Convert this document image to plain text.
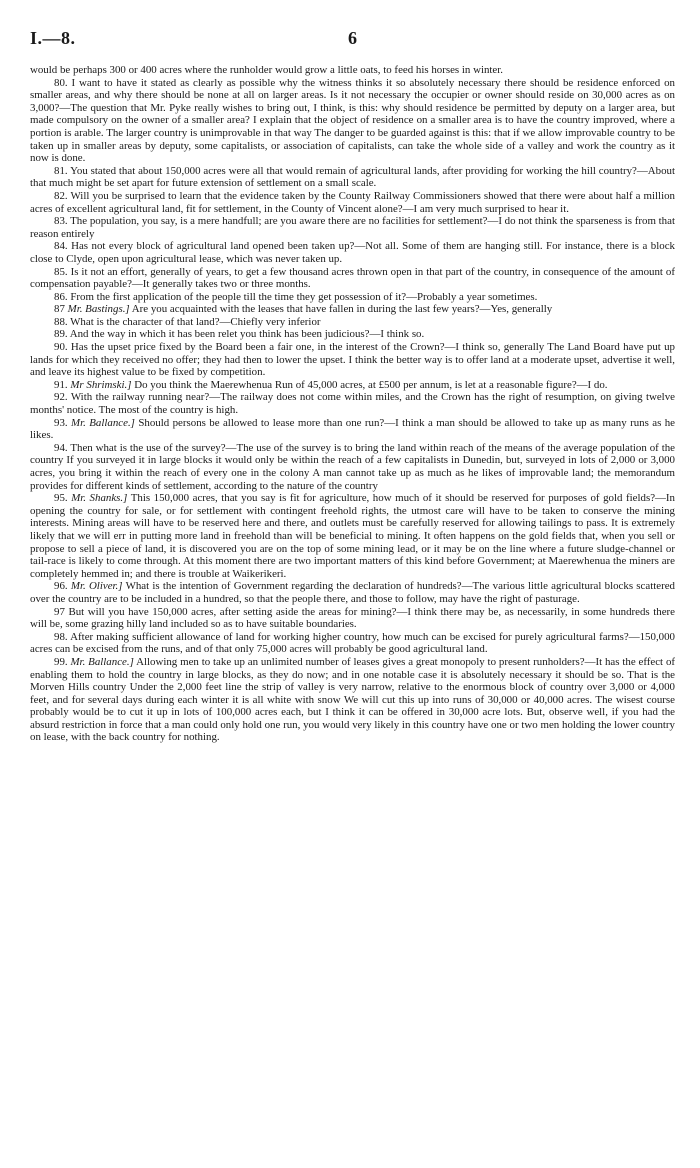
I.—8.	6

would be perhaps 300 or 400 acres where the runholder would grow a little oats, to feed his horses in winter.

80. I want to have it stated as clearly as possible why the witness thinks it so absolutely necessary there should be residence enforced on smaller areas, and why there should be none at all on larger areas. Is it not necessary the occupier or owner should reside on 30,000 acres as on 3,000?—The question that Mr. Pyke really wishes to bring out, I think, is this: why should residence be permitted by deputy on a larger area, but made compulsory on the owner of a smaller area? I explain that the object of residence on a smaller area is to have the country improved, where a portion is arable. The larger country is unimprovable in that way The danger to be guarded against is this: that if we allow improvable country to be taken up in smaller areas by deputy, some capitalists, or association of capitalists, can take the whole side of a valley and work the country as it now is done.

81. You stated that about 150,000 acres were all that would remain of agricultural lands, after providing for working the hill country?—About that much might be set apart for future extension of settlement on a small scale.

82. Will you be surprised to learn that the evidence taken by the County Railway Commissioners showed that there were about half a million acres of excellent agricultural land, fit for settlement, in the County of Vincent alone?—I am very much surprised to hear it.

83. The population, you say, is a mere handfull; are you aware there are no facilities for settlement?—I do not think the sparseness is from that reason entirely

84. Has not every block of agricultural land opened been taken up?—Not all. Some of them are hanging still. For instance, there is a block close to Clyde, open upon agricultural lease, which was never taken up.

85. Is it not an effort, generally of years, to get a few thousand acres thrown open in that part of the country, in consequence of the amount of compensation payable?—It generally takes two or three months.

86. From the first application of the people till the time they get possession of it?—Probably a year sometimes.

87 Mr. Bastings.] Are you acquainted with the leases that have fallen in during the last few years?—Yes, generally

88. What is the character of that land?—Chiefly very inferior

89. And the way in which it has been relet you think has been judicious?—I think so.

90. Has the upset price fixed by the Board been a fair one, in the interest of the Crown?—I think so, generally The Land Board have put up lands for which they received no offer; they had then to lower the upset. I think the better way is to offer land at a moderate upset, advertise it well, and leave its highest value to be fixed by competition.

91. Mr Shrimski.] Do you think the Maerewhenua Run of 45,000 acres, at £500 per annum, is let at a reasonable figure?—I do.

92. With the railway running near?—The railway does not come within miles, and the Crown has the right of resumption, on giving twelve months' notice. The most of the country is high.

93. Mr. Ballance.] Should persons be allowed to lease more than one run?—I think a man should be allowed to take up as many runs as he likes.

94. Then what is the use of the survey?—The use of the survey is to bring the land within reach of the means of the average population of the country If you surveyed it in large blocks it would only be within the reach of a few capitalists in Dunedin, but, surveyed in lots of 2,000 or 3,000 acres, you bring it within the reach of every one in the colony A man cannot take up as much as he likes of improvable land; the memorandum provides for different kinds of settlement, according to the nature of the country

95. Mr. Shanks.] This 150,000 acres, that you say is fit for agriculture, how much of it should be reserved for purposes of gold fields?—In opening the country for sale, or for settlement with contingent freehold rights, the utmost care will have to be taken to conserve the mining interests. Mining areas will have to be reserved here and there, and outlets must be carefully reserved for allowing tailings to pass. It is extremely likely that we will err in putting more land in freehold than will be beneficial to mining. It often happens on the gold fields that, when you sell or propose to sell a piece of land, it is discovered you are on the top of some mining lead, or it may be on the line where a future sludge-channel or tail-race is likely to come through. At this moment there are two important matters of this kind before Government; at Maerewhenua the miners are completely hemmed in; and there is trouble at Waikerikeri.

96. Mr. Oliver.] What is the intention of Government regarding the declaration of hundreds?—The various little agricultural blocks scattered over the country are to be included in a hundred, so that the people there, and those to follow, may have the right of pasturage.

97 But will you have 150,000 acres, after setting aside the areas for mining?—I think there may be, as necessarily, in some hundreds there will be, some grazing hilly land included so as to have suitable boundaries.

98. After making sufficient allowance of land for working higher country, how much can be excised for purely agricultural farms?—150,000 acres can be excised from the runs, and of that only 75,000 acres will probably be good agricultural land.

99. Mr. Ballance.] Allowing men to take up an unlimited number of leases gives a great monopoly to present runholders?—It has the effect of enabling them to hold the country in large blocks, as they do now; and in one notable case it is absolutely necessary it should be so. That is the Morven Hills country Under the 2,000 feet line the strip of valley is very narrow, relative to the enormous block of country over 3,000 or 4,000 feet, and for several days during each winter it is all white with snow We will cut this up into runs of 30,000 or 40,000 acres. The wisest course probably would be to cut it up in lots of 100,000 acres each, but I think it can be offered in 30,000 acre lots. But, observe well, if you had the absurd restriction in force that a man could only hold one run, you would very likely in this country have one or two men holding the lower country on lease, with the back country for nothing.
